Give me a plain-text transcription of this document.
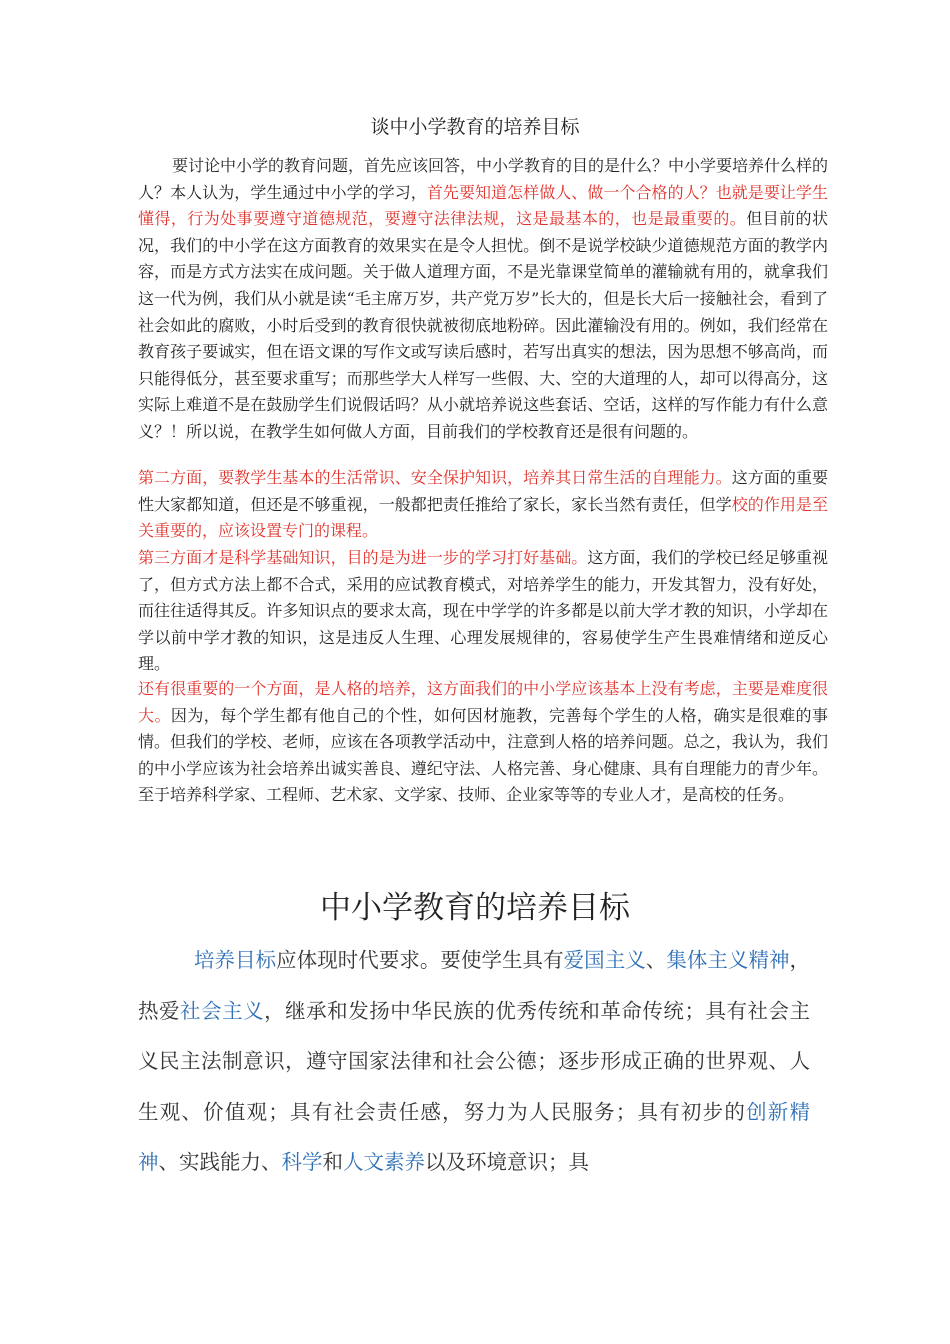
谈中小学教育的培养目标

要讨论中小学的教育问题，首先应该回答，中小学教育的目的是什么？中小学要培养什么样的人？本人认为，学生通过中小学的学习，首先要知道怎样做人、做一个合格的人？也就是要让学生懂得，行为处事要遵守道德规范，要遵守法律法规，这是最基本的，也是最重要的。但目前的状况，我们的中小学在这方面教育的效果实在是令人担忧。倒不是说学校缺少道德规范方面的教学内容，而是方式方法实在成问题。关于做人道理方面，不是光靠课堂简单的灌输就有用的，就拿我们这一代为例，我们从小就是读“毛主席万岁，共产党万岁”长大的，但是长大后一接触社会，看到了社会如此的腐败，小时后受到的教育很快就被彻底地粉碎。因此灌输没有用的。例如，我们经常在教育孩子要诚实，但在语文课的写作文或写读后感时，若写出真实的想法，因为思想不够高尚，而只能得低分，甚至要求重写；而那些学大人样写一些假、大、空的大道理的人，却可以得高分，这实际上难道不是在鼓励学生们说假话吗？从小就培养说这些套话、空话，这样的写作能力有什么意义？！所以说，在教学生如何做人方面，目前我们的学校教育还是很有问题的。

第二方面，要教学生基本的生活常识、安全保护知识，培养其日常生活的自理能力。这方面的重要性大家都知道，但还是不够重视，一般都把责任推给了家长，家长当然有责任，但学校的作用是至关重要的，应该设置专门的课程。

第三方面才是科学基础知识，目的是为进一步的学习打好基础。这方面，我们的学校已经足够重视了，但方式方法上都不合式，采用的应试教育模式，对培养学生的能力，开发其智力，没有好处，而往往适得其反。许多知识点的要求太高，现在中学学的许多都是以前大学才教的知识，小学却在学以前中学才教的知识，这是违反人生理、心理发展规律的，容易使学生产生畏难情绪和逆反心理。

还有很重要的一个方面，是人格的培养，这方面我们的中小学应该基本上没有考虑，主要是难度很大。因为，每个学生都有他自己的个性，如何因材施教，完善每个学生的人格，确实是很难的事情。但我们的学校、老师，应该在各项教学活动中，注意到人格的培养问题。总之，我认为，我们的中小学应该为社会培养出诚实善良、遵纪守法、人格完善、身心健康、具有自理能力的青少年。至于培养科学家、工程师、艺术家、文学家、技师、企业家等等的专业人才，是高校的任务。

中小学教育的培养目标

培养目标应体现时代要求。要使学生具有爱国主义、集体主义精神，热爱社会主义，继承和发扬中华民族的优秀传统和革命传统；具有社会主义民主法制意识，遵守国家法律和社会公德；逐步形成正确的世界观、人生观、价值观；具有社会责任感，努力为人民服务；具有初步的创新精神、实践能力、科学和人文素养以及环境意识；具
